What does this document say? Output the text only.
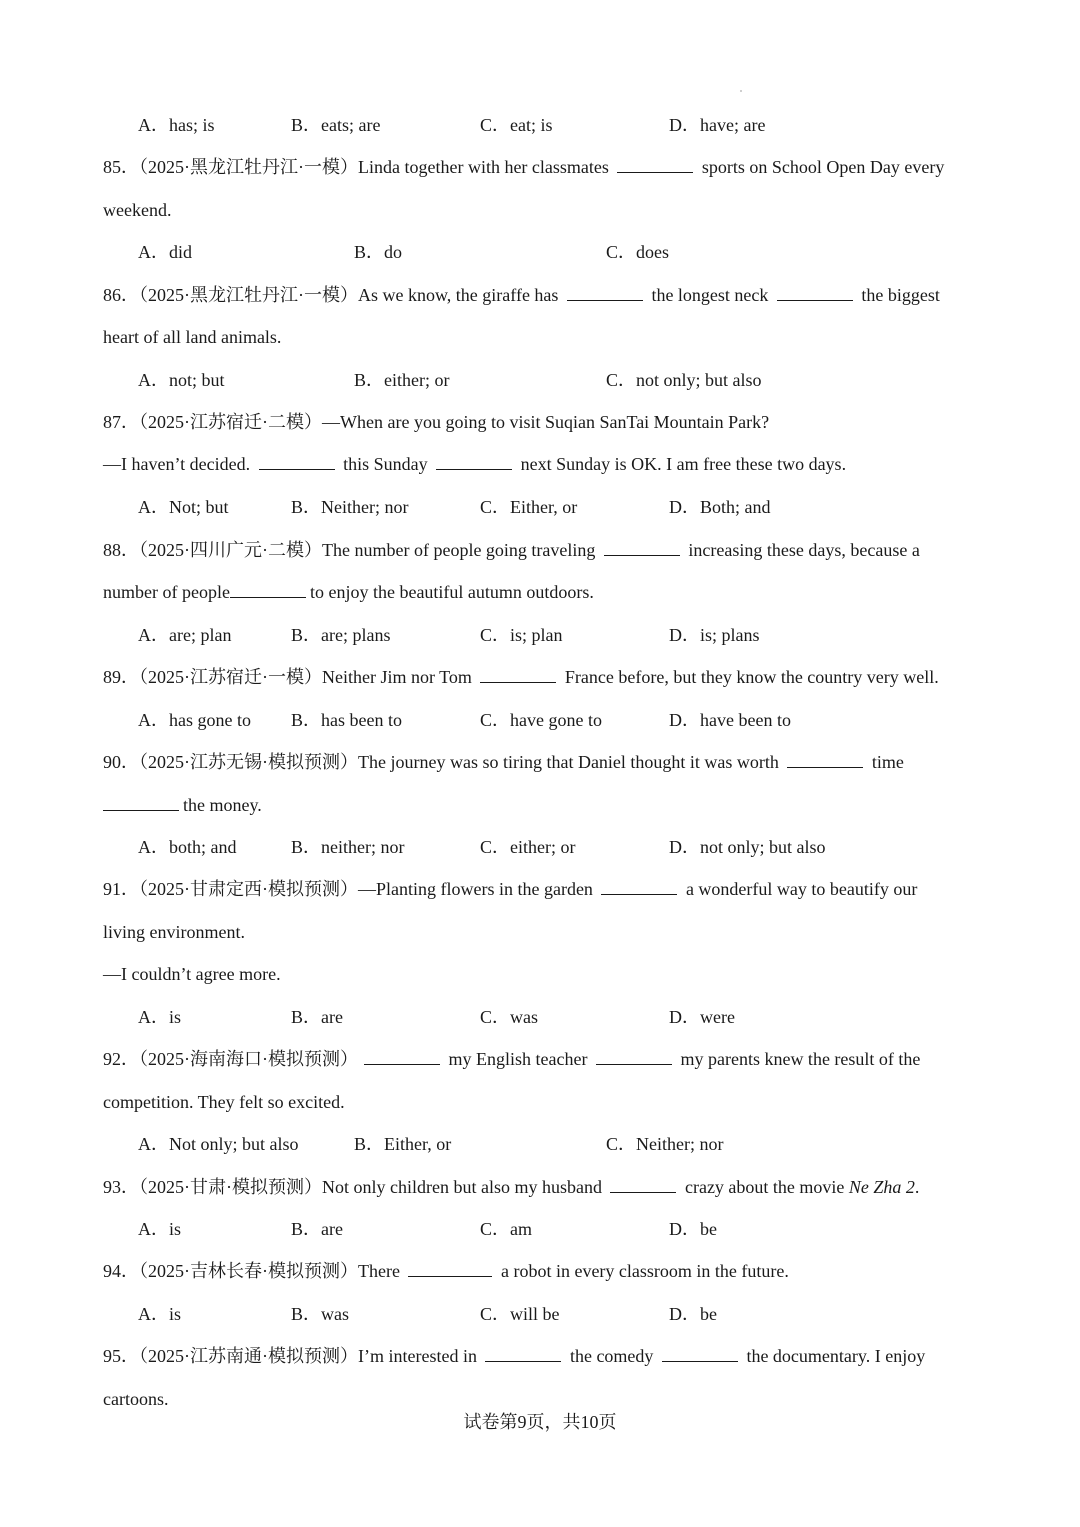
A．has; is	B．eats; are	C．eat; is	D．have; are
85．（2025·黑龙江牡丹江·一模）Linda together with her classmates	sports on School Open Day every
weekend.
A．did	B．do	C．does
86．（2025·黑龙江牡丹江·一模）As we know, the giraffe has	the longest neck	the biggest
heart of all land animals.
A．not; but	B．either; or	C．not only; but also
87．（2025·江苏宿迁·二模）—When are you going to visit Suqian SanTai Mountain Park?
—I haven’t decided.	this Sunday	next Sunday is OK. I am free these two days.
A．Not; but	B．Neither; nor	C．Either, or	D．Both; and
88．（2025·四川广元·二模）The number of people going traveling	increasing these days, because a
number of people	to enjoy the beautiful autumn outdoors.
A．are; plan	B．are; plans	C．is; plan	D．is; plans
89．（2025·江苏宿迁·一模）Neither Jim nor Tom	France before, but they know the country very well.
A．has gone to B．has been to	C．have gone to	D．have been to
90．（2025·江苏无锡·模拟预测）The journey was so tiring that Daniel thought it was worth	time
the money.
A．both; and	B．neither; nor	C．either; or	D．not only; but also
91．（2025·甘肃定西·模拟预测）—Planting flowers in the garden	a wonderful way to beautify our
living environment.
—I couldn’t agree more.
A．is	B．are	C．was	D．were
92．（2025·海南海口·模拟预测）	my English teacher	my parents knew the result of the
competition. They felt so excited.
A．Not only; but also	B．Either, or	C．Neither; nor
93．（2025·甘肃·模拟预测）Not only children but also my husband	crazy about the movie Ne Zha 2.
A．is	B．are	C．am	D．be
94．（2025·吉林长春·模拟预测）There	a robot in every classroom in the future.
A．is	B．was	C．will be	D．be
95．（2025·江苏南通·模拟预测）I’m interested in	the comedy	the documentary. I enjoy
cartoons.
试卷第9页，共10页
